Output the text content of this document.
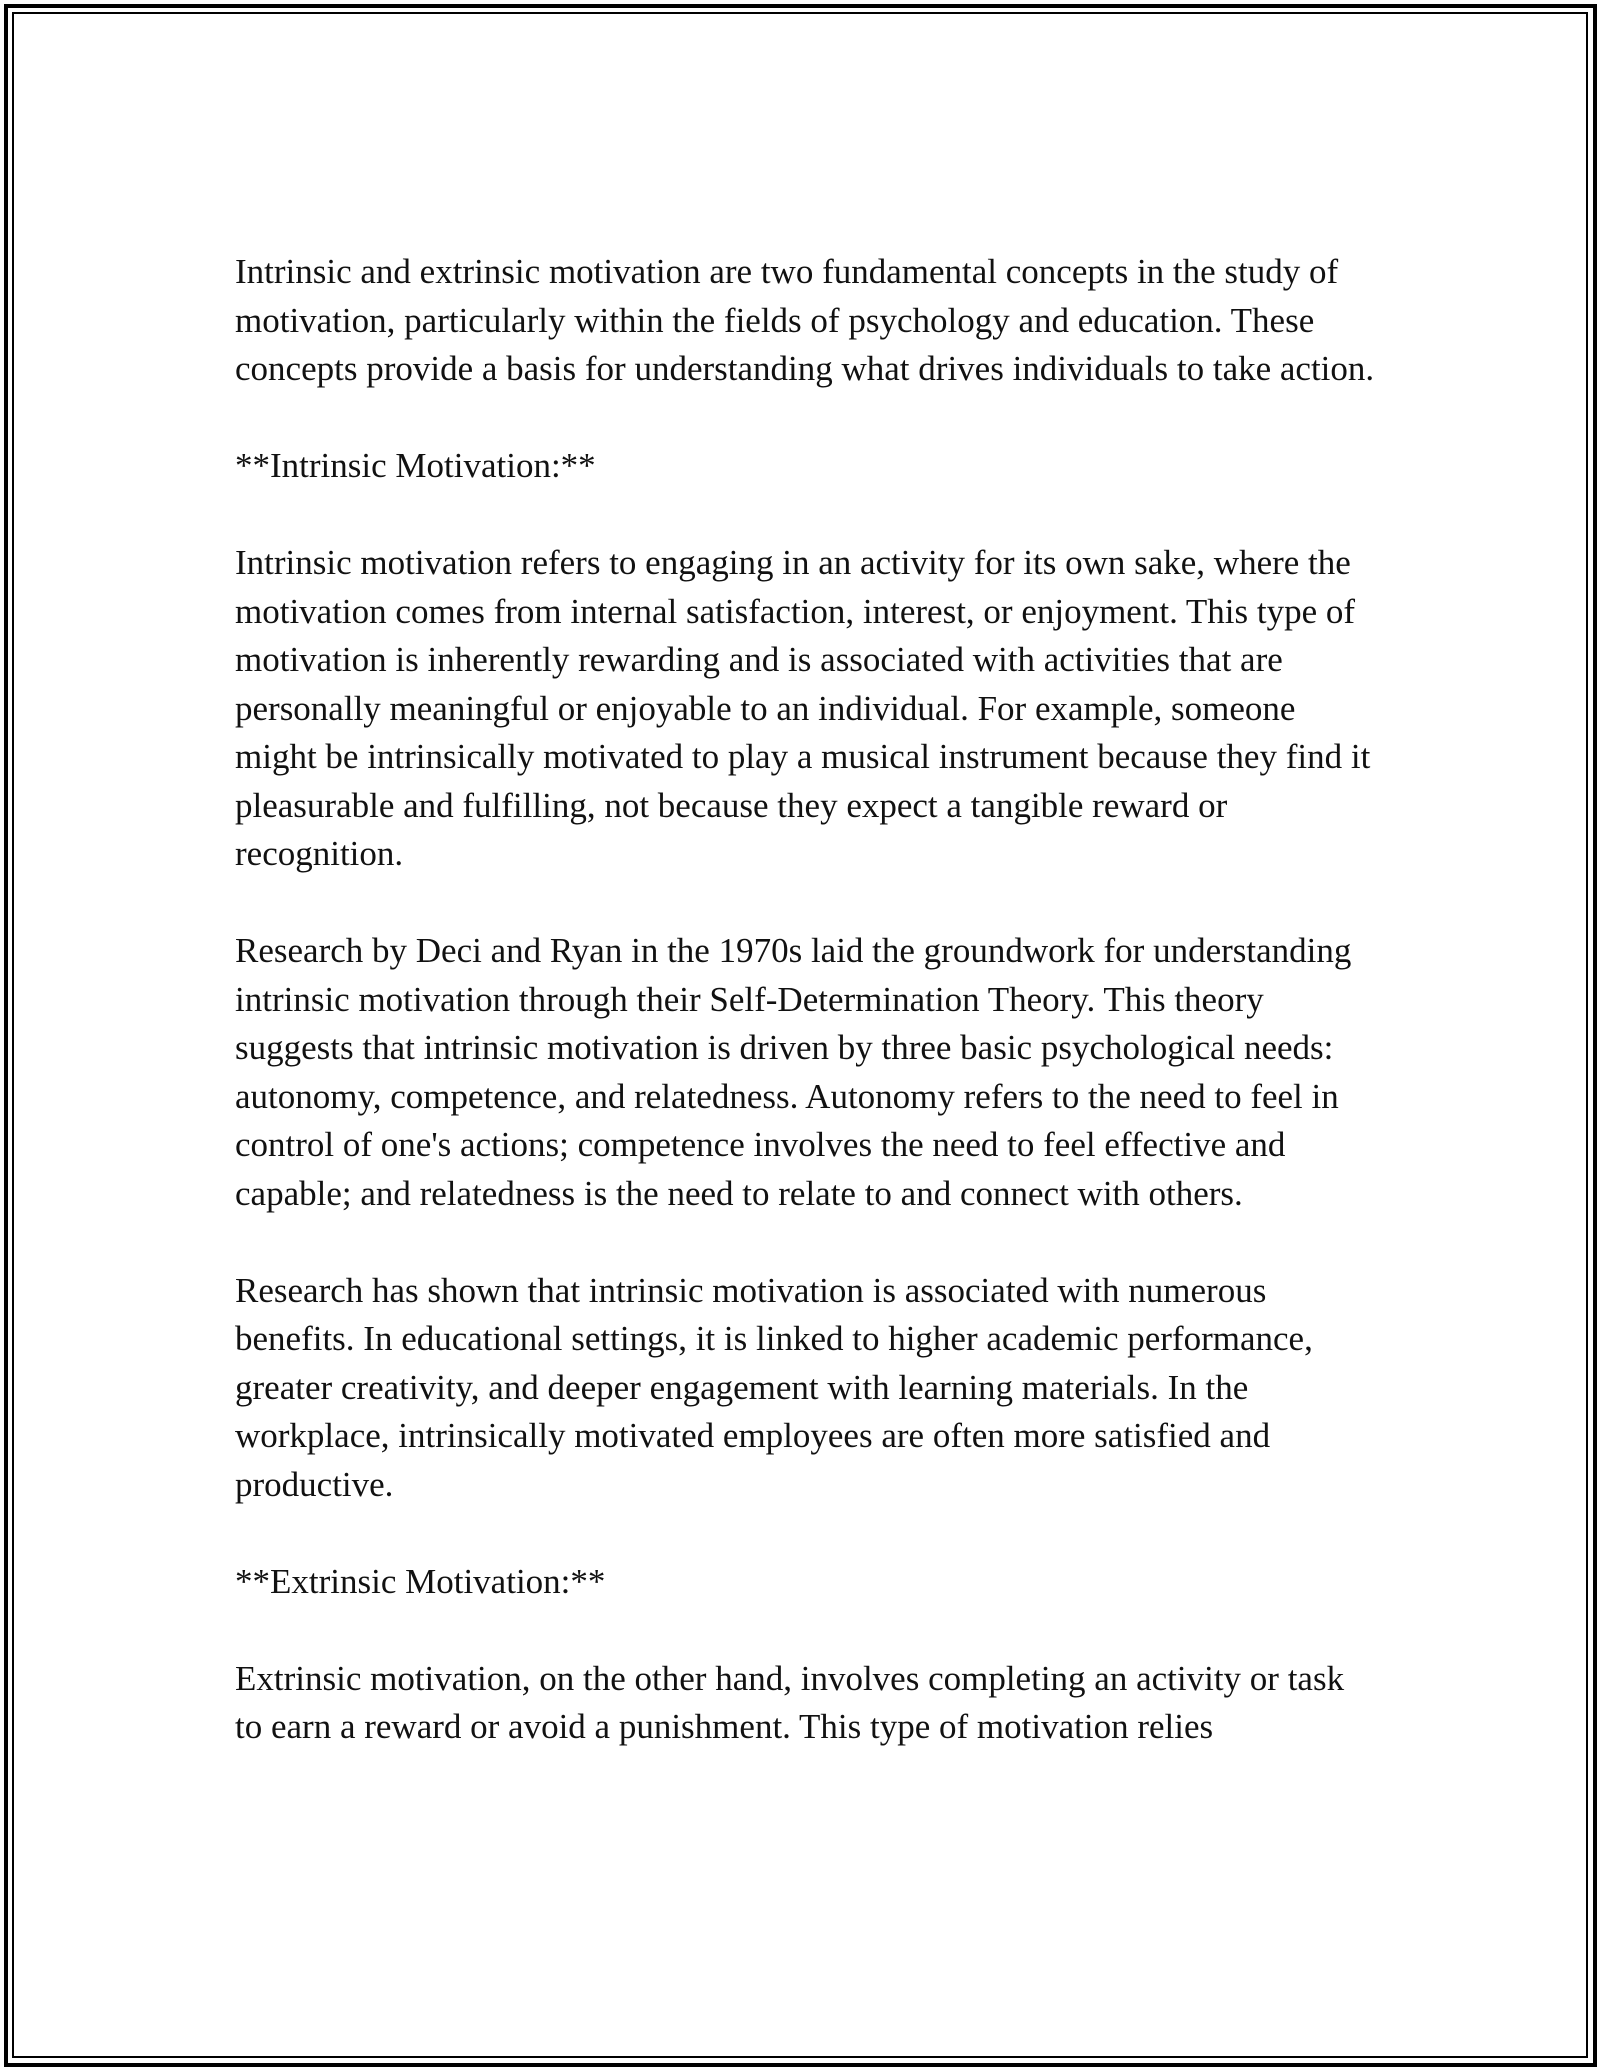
Intrinsic and extrinsic motivation are two fundamental concepts in the study of motivation, particularly within the fields of psychology and education. These concepts provide a basis for understanding what drives individuals to take action.

**Intrinsic Motivation:**

Intrinsic motivation refers to engaging in an activity for its own sake, where the motivation comes from internal satisfaction, interest, or enjoyment. This type of motivation is inherently rewarding and is associated with activities that are personally meaningful or enjoyable to an individual. For example, someone might be intrinsically motivated to play a musical instrument because they find it pleasurable and fulfilling, not because they expect a tangible reward or recognition.

Research by Deci and Ryan in the 1970s laid the groundwork for understanding intrinsic motivation through their Self-Determination Theory. This theory suggests that intrinsic motivation is driven by three basic psychological needs: autonomy, competence, and relatedness. Autonomy refers to the need to feel in control of one's actions; competence involves the need to feel effective and capable; and relatedness is the need to relate to and connect with others.

Research has shown that intrinsic motivation is associated with numerous benefits. In educational settings, it is linked to higher academic performance, greater creativity, and deeper engagement with learning materials. In the workplace, intrinsically motivated employees are often more satisfied and productive.

**Extrinsic Motivation:**

Extrinsic motivation, on the other hand, involves completing an activity or task to earn a reward or avoid a punishment. This type of motivation relies
